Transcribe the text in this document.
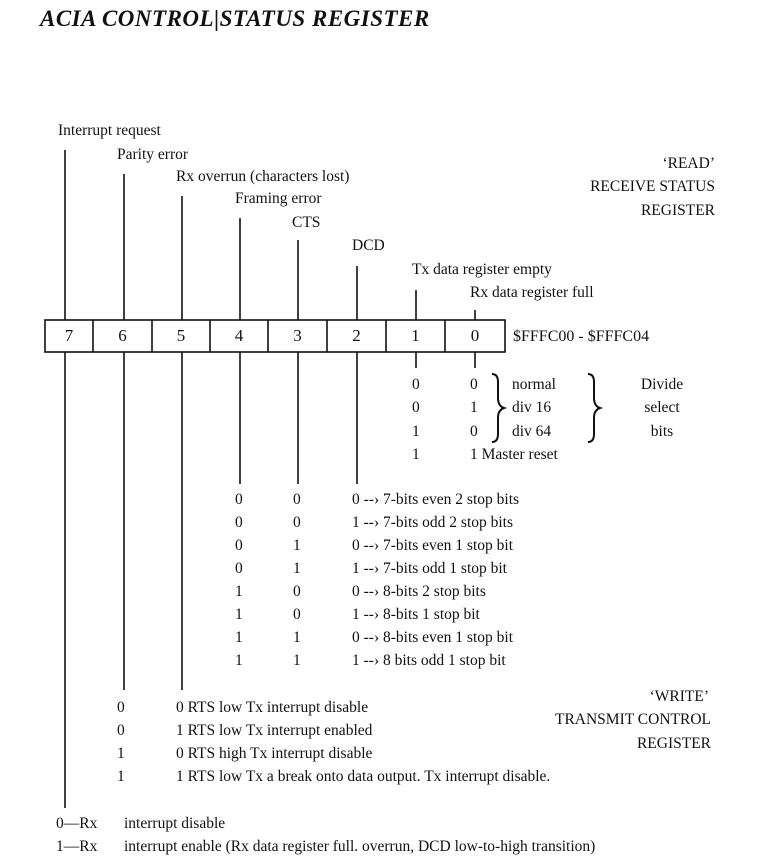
ACIA CONTROL|STATUS REGISTER
Interrupt request
Parity error
Rx overrun (characters lost)
Framing error
CTS
DCD
Tx data register empty
Rx data register full
‘READ’
RECEIVE STATUS
REGISTER
7	6	5	4	3	2	1	0	$FFFC00 - $FFFC04
0	0 normal
0	1 div 16
1	0 div 64
1	1 Master reset
Divide
select
bits
0	0	0 --› 7-bits even 2 stop bits
0	0	1 --› 7-bits odd 2 stop bits
0	1	0 --› 7-bits even 1 stop bit
0	1	1 --› 7-bits odd 1 stop bit
1	0	0 --› 8-bits 2 stop bits
1	0	1 --› 8-bits 1 stop bit
1	1	0 --› 8-bits even 1 stop bit
1	1	1 --› 8 bits odd 1 stop bit
‘WRITE’
TRANSMIT CONTROL
REGISTER
0	0 RTS low Tx interrupt disable
0	1 RTS low Tx interrupt enabled
1	0 RTS high Tx interrupt disable
1	1 RTS low Tx a break onto data output. Tx interrupt disable.
0—Rx interrupt disable
1—Rx interrupt enable (Rx data register full. overrun, DCD low-to-high transition)
